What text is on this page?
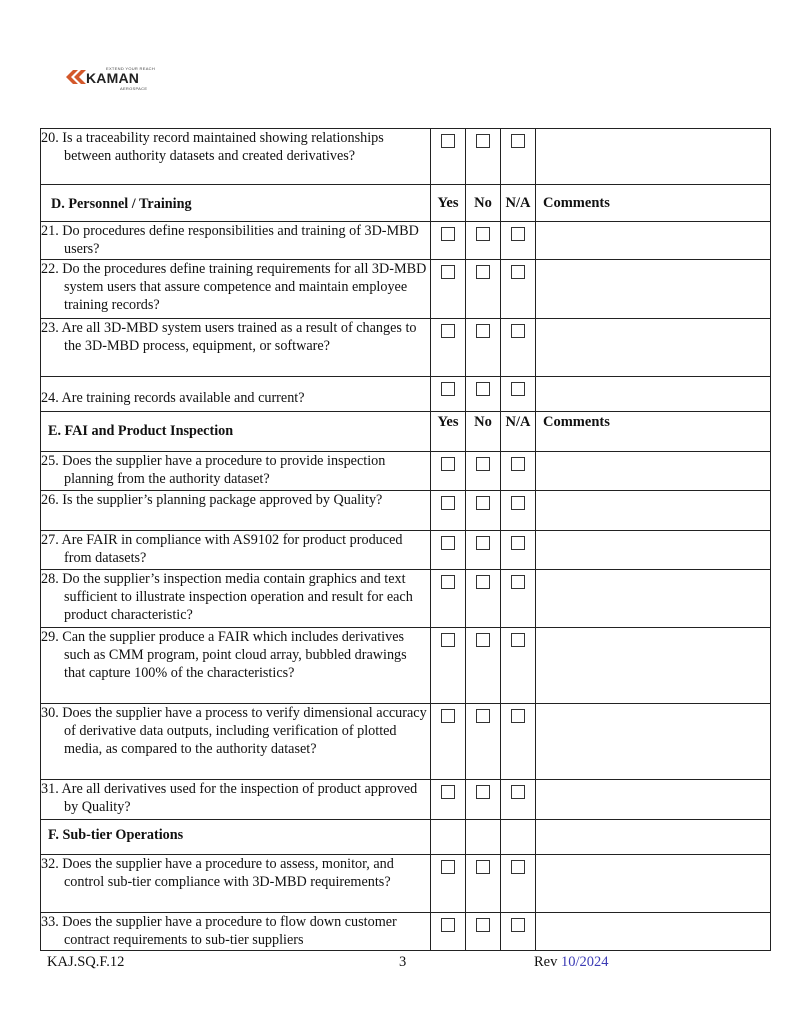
EXTEND YOUR REACH
KAMAN
AEROSPACE
20. Is a traceability record maintained showing relationships between authority datasets and created derivatives?				

D. Personnel / Training	Yes	No	N/A	Comments

21. Do procedures define responsibilities and training of 3D-MBD users?				

22. Do the procedures define training requirements for all 3D-MBD system users that assure competence and maintain employee training records?				

23. Are all 3D-MBD system users trained as a result of changes to the 3D-MBD process, equipment, or software?				

24. Are training records available and current?				

E. FAI and Product Inspection	Yes	No	N/A	Comments

25. Does the supplier have a procedure to provide inspection planning from the authority dataset?				

26. Is the supplier’s planning package approved by Quality?				

27. Are FAIR in compliance with AS9102 for product produced from datasets?				

28. Do the supplier’s inspection media contain graphics and text sufficient to illustrate inspection operation and result for each product characteristic?				

29. Can the supplier produce a FAIR which includes derivatives such as CMM program, point cloud array, bubbled drawings that capture 100% of the characteristics?				

30. Does the supplier have a process to verify dimensional accuracy of derivative data outputs, including verification of plotted media, as compared to the authority dataset?				

31. Are all derivatives used for the inspection of product approved by Quality?				

F. Sub-tier Operations				

32. Does the supplier have a procedure to assess, monitor, and control sub-tier compliance with 3D-MBD requirements?				

33. Does the supplier have a procedure to flow down customer contract requirements to sub-tier suppliers				

KAJ.SQ.F.12	3	Rev 10/2024
